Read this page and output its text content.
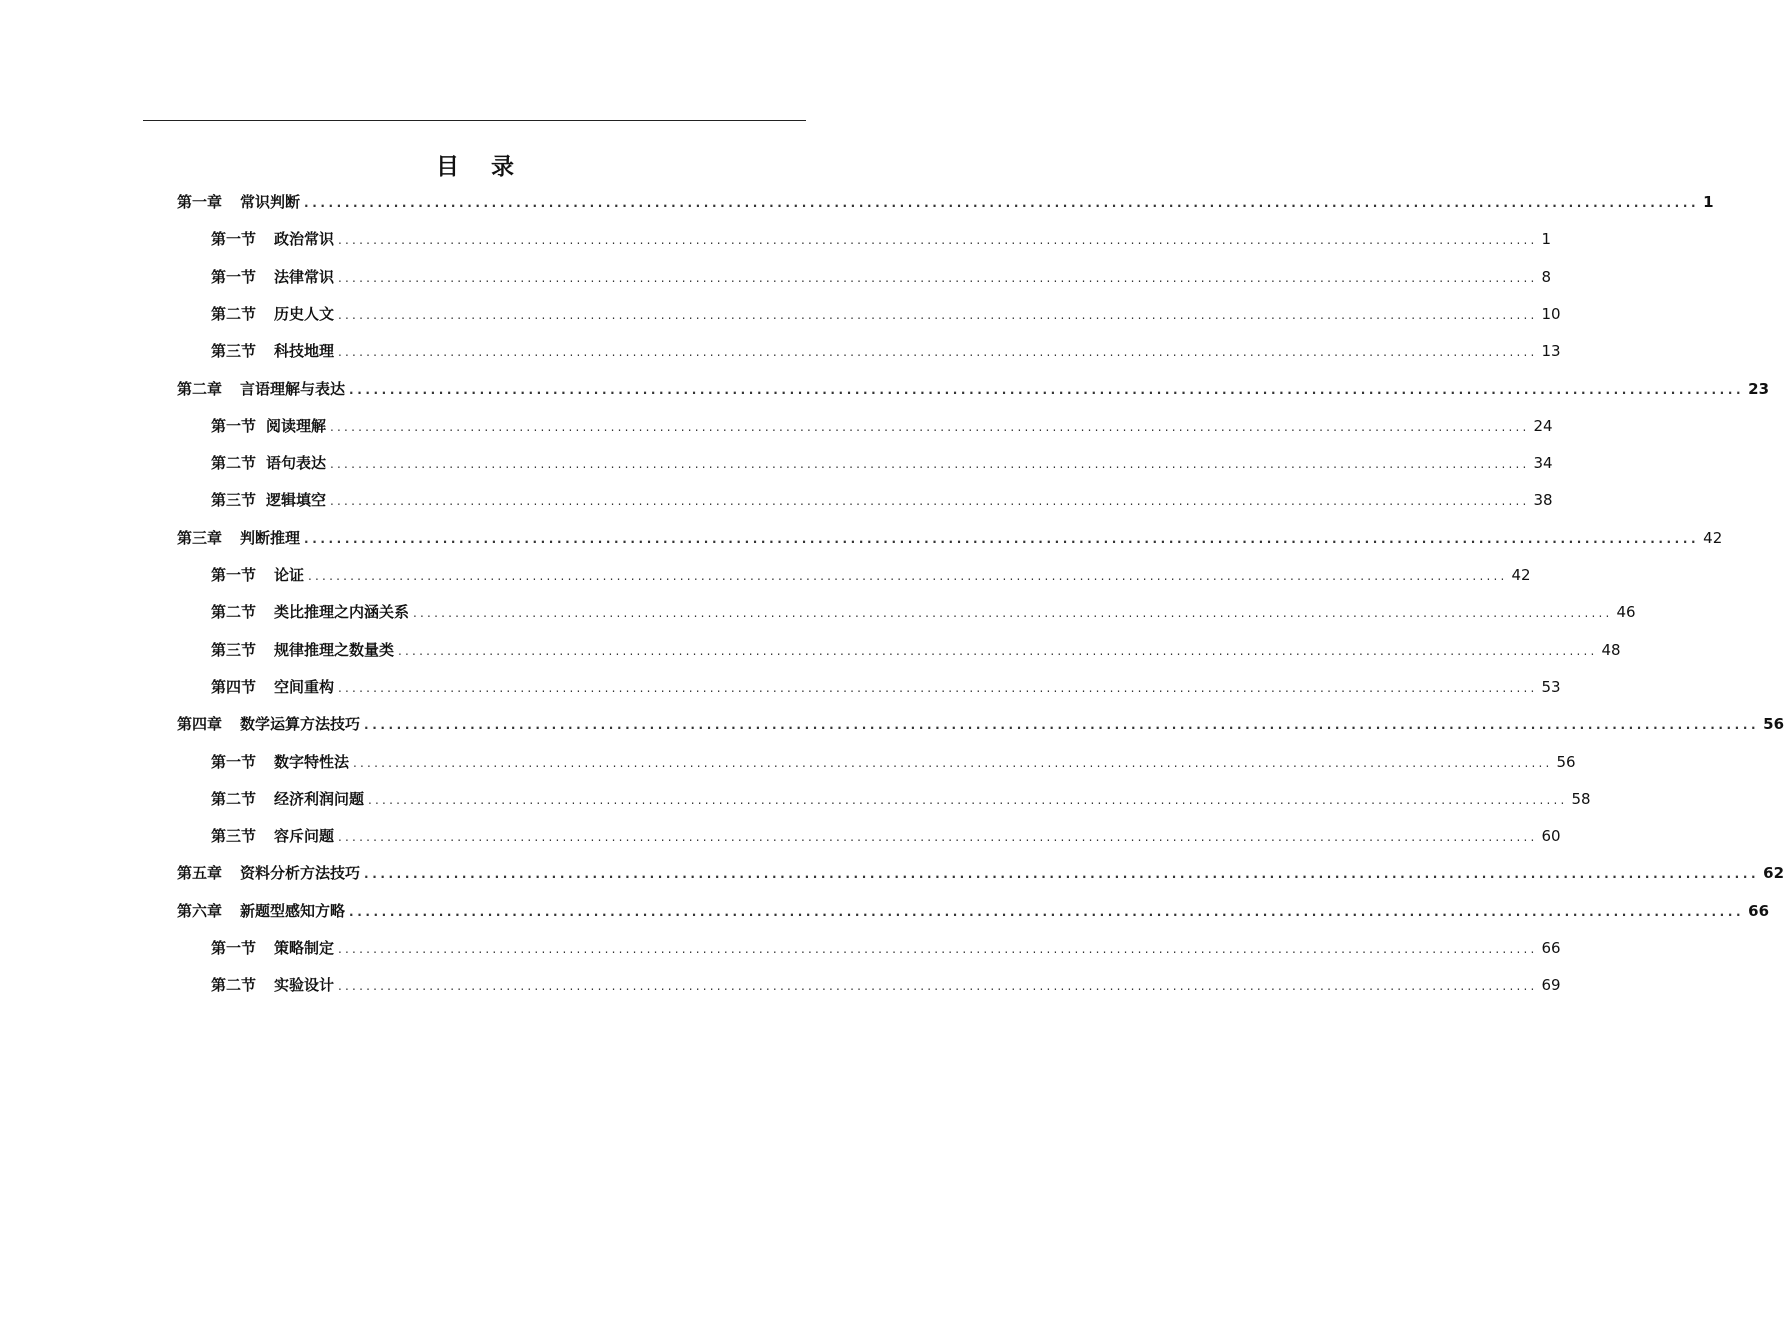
目 录
第一章 常识判断 ........................................................................................................................................................................... 1
第一节 政治常识 ........................................................................................................................................................................... 1
第一节 法律常识 ........................................................................................................................................................................... 8
第二节 历史人文 ........................................................................................................................................................................... 10
第三节 科技地理 ........................................................................................................................................................................... 13
第二章 言语理解与表达 ........................................................................................................................................................................... 23
第一节 阅读理解 ........................................................................................................................................................................... 24
第二节 语句表达 ........................................................................................................................................................................... 34
第三节 逻辑填空 ........................................................................................................................................................................... 38
第三章 判断推理 ........................................................................................................................................................................... 42
第一节 论证 ........................................................................................................................................................................... 42
第二节 类比推理之内涵关系 ........................................................................................................................................................................... 46
第三节 规律推理之数量类 ........................................................................................................................................................................... 48
第四节 空间重构 ........................................................................................................................................................................... 53
第四章 数学运算方法技巧 ........................................................................................................................................................................... 56
第一节 数字特性法 ........................................................................................................................................................................... 56
第二节 经济利润问题 ........................................................................................................................................................................... 58
第三节 容斥问题 ........................................................................................................................................................................... 60
第五章 资料分析方法技巧 ........................................................................................................................................................................... 62
第六章 新题型感知方略 ........................................................................................................................................................................... 66
第一节 策略制定 ........................................................................................................................................................................... 66
第二节 实验设计 ........................................................................................................................................................................... 69
